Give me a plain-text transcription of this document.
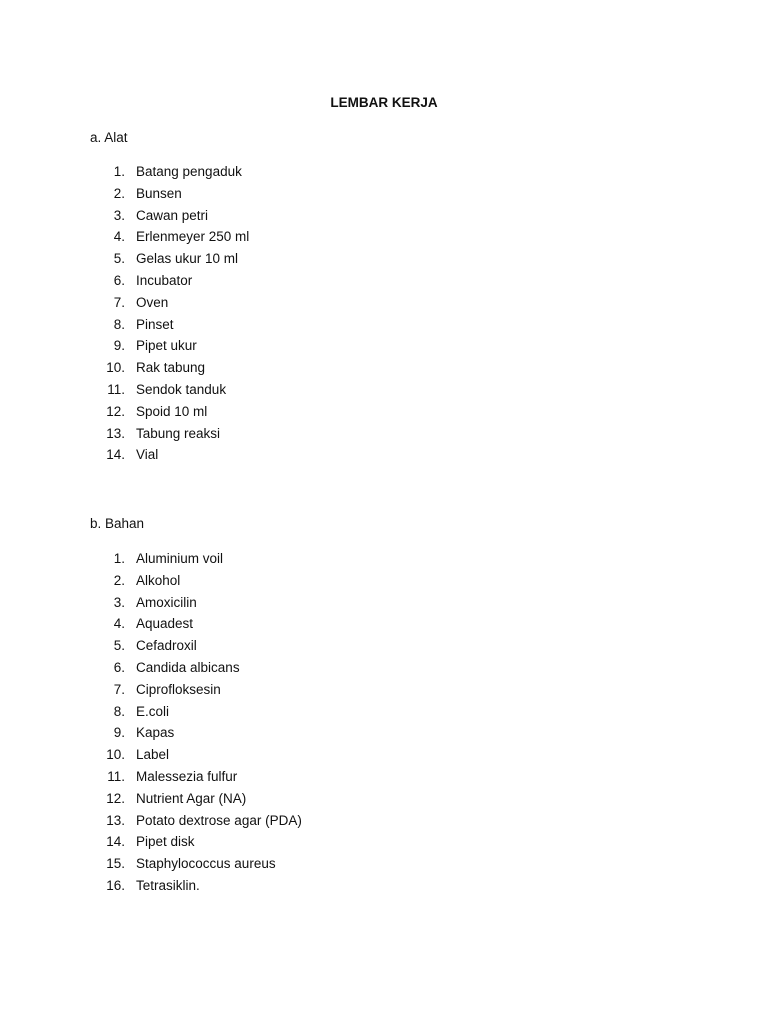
LEMBAR KERJA
a. Alat
1. Batang pengaduk
2. Bunsen
3. Cawan petri
4. Erlenmeyer 250 ml
5. Gelas ukur 10 ml
6. Incubator
7. Oven
8. Pinset
9. Pipet ukur
10. Rak tabung
11. Sendok tanduk
12. Spoid 10 ml
13. Tabung reaksi
14. Vial
b. Bahan
1. Aluminium voil
2. Alkohol
3. Amoxicilin
4. Aquadest
5. Cefadroxil
6. Candida albicans
7. Ciprofloksesin
8. E.coli
9. Kapas
10. Label
11. Malessezia fulfur
12. Nutrient Agar (NA)
13. Potato dextrose agar (PDA)
14. Pipet disk
15. Staphylococcus aureus
16. Tetrasiklin.
